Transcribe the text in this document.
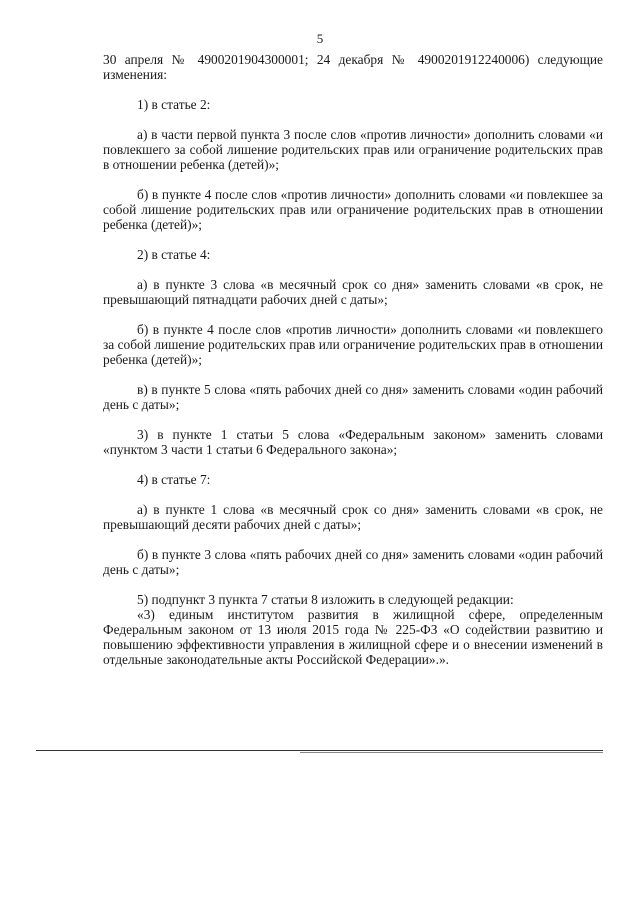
5

30 апреля № 4900201904300001; 24 декабря № 4900201912240006) следующие изменения:

1) в статье 2:

а) в части первой пункта 3 после слов «против личности» дополнить словами «и повлекшего за собой лишение родительских прав или ограничение родительских прав в отношении ребенка (детей)»;

б) в пункте 4 после слов «против личности» дополнить словами «и повлекшее за собой лишение родительских прав или ограничение родительских прав в отношении ребенка (детей)»;

2) в статье 4:

а) в пункте 3 слова «в месячный срок со дня» заменить словами «в срок, не превышающий пятнадцати рабочих дней с даты»;

б) в пункте 4 после слов «против личности» дополнить словами «и повлекшего за собой лишение родительских прав или ограничение родительских прав в отношении ребенка (детей)»;

в) в пункте 5 слова «пять рабочих дней со дня» заменить словами «один рабочий день с даты»;

3) в пункте 1 статьи 5 слова «Федеральным законом» заменить словами «пунктом 3 части 1 статьи 6 Федерального закона»;

4) в статье 7:

а) в пункте 1 слова «в месячный срок со дня» заменить словами «в срок, не превышающий десяти рабочих дней с даты»;

б) в пункте 3 слова «пять рабочих дней со дня» заменить словами «один рабочий день с даты»;

5) подпункт 3 пункта 7 статьи 8 изложить в следующей редакции:

«3) единым институтом развития в жилищной сфере, определенным Федеральным законом от 13 июля 2015 года № 225-ФЗ «О содействии развитию и повышению эффективности управления в жилищной сфере и о внесении изменений в отдельные законодательные акты Российской Федерации».».
